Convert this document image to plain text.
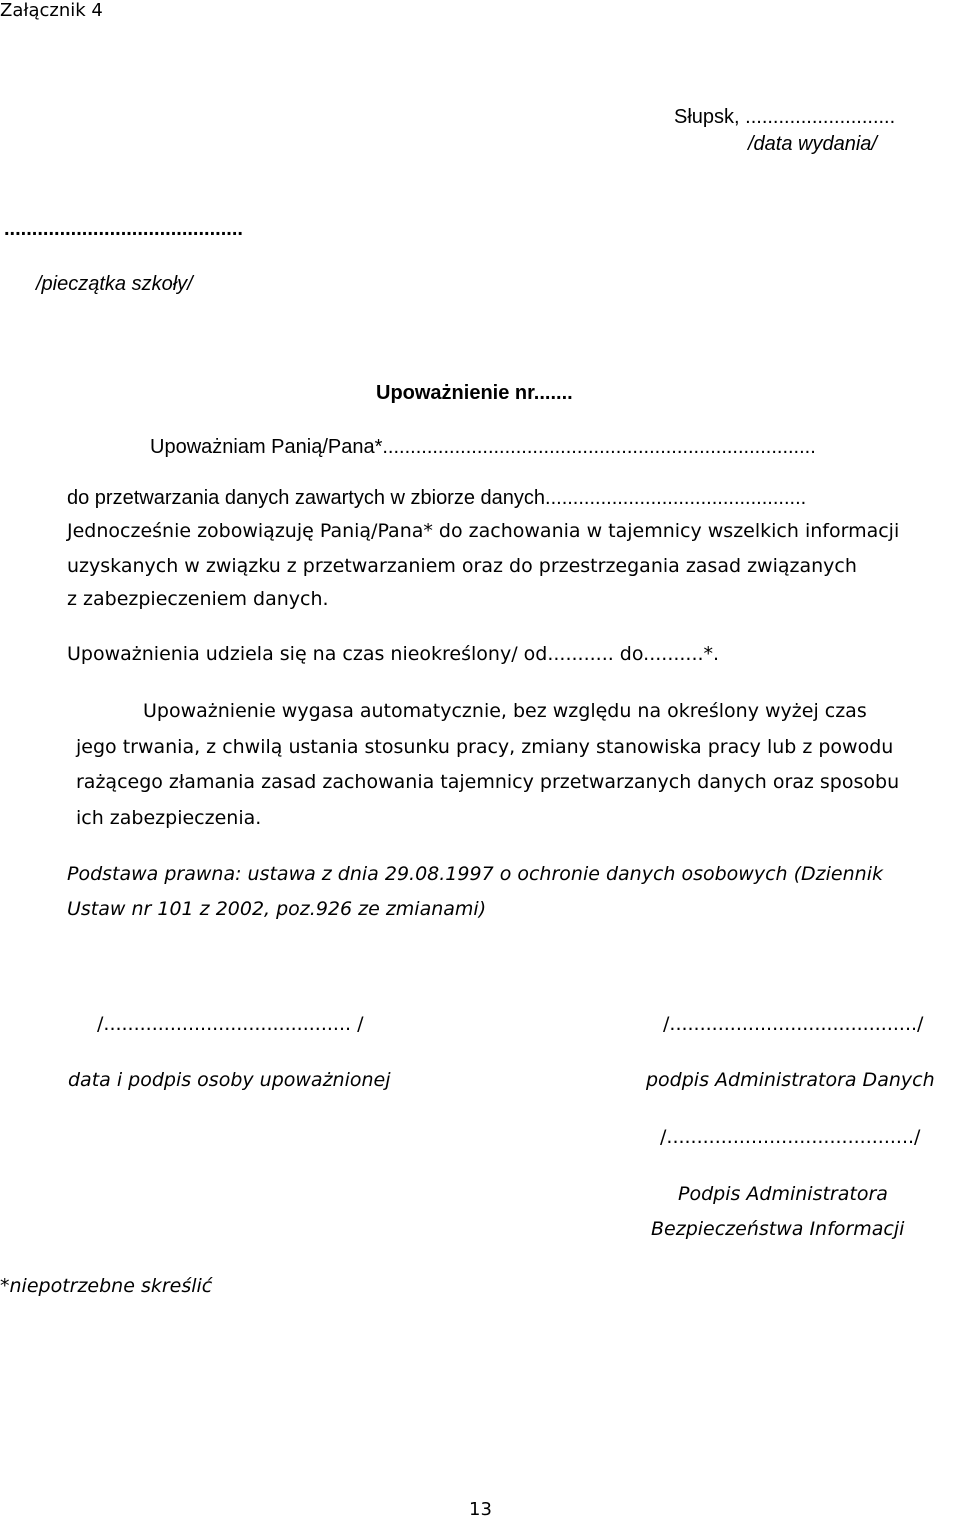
Załącznik 4
Słupsk, ...........................
/data wydania/
...........................................
/pieczątka szkoły/
Upoważnienie nr.......
Upoważniam Panią/Pana*..............................................................................
do przetwarzania danych zawartych w zbiorze danych...............................................
Jednocześnie zobowiązuję Panią/Pana* do zachowania w tajemnicy wszelkich informacji
uzyskanych w związku z przetwarzaniem oraz do przestrzegania zasad związanych
z zabezpieczeniem danych.
Upoważnienia udziela się na czas nieokreślony/ od........... do..........*.
Upoważnienie wygasa automatycznie, bez względu na określony wyżej czas
jego trwania, z chwilą ustania stosunku pracy, zmiany stanowiska pracy lub z powodu
rażącego złamania zasad zachowania tajemnicy przetwarzanych danych oraz sposobu
ich zabezpieczenia.
Podstawa prawna: ustawa z dnia 29.08.1997 o ochronie danych osobowych (Dziennik
Ustaw nr 101 z 2002, poz.926 ze zmianami)
/......................................... /
data i podpis osoby upoważnionej
/........................................./
podpis Administratora Danych
/........................................./
Podpis Administratora
Bezpieczeństwa Informacji
*niepotrzebne skreślić
13
